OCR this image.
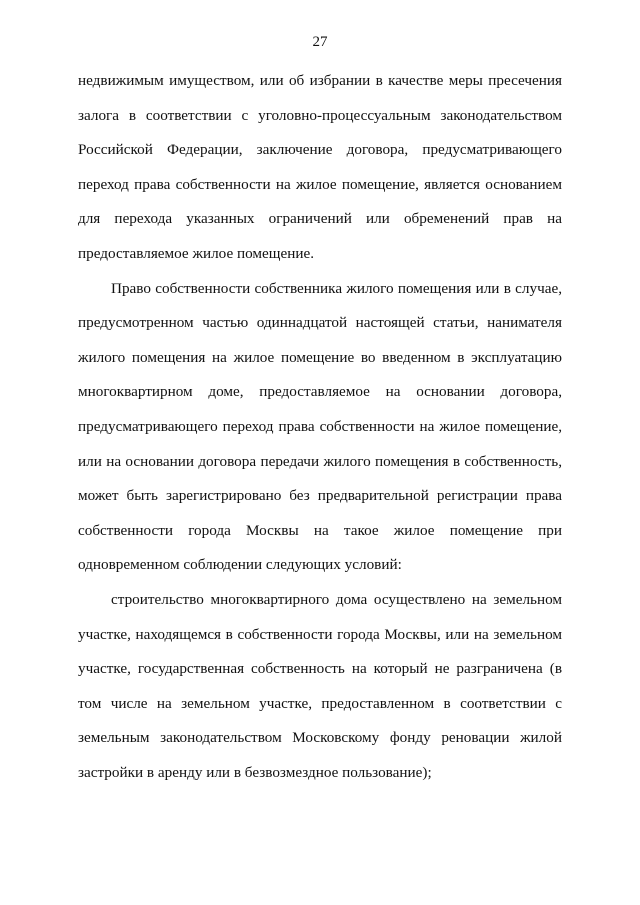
27

недвижимым имуществом, или об избрании в качестве меры пресечения залога в соответствии с уголовно-процессуальным законодательством Российской Федерации, заключение договора, предусматривающего переход права собственности на жилое помещение, является основанием для перехода указанных ограничений или обременений прав на предоставляемое жилое помещение.

Право собственности собственника жилого помещения или в случае, предусмотренном частью одиннадцатой настоящей статьи, нанимателя жилого помещения на жилое помещение во введенном в эксплуатацию многоквартирном доме, предоставляемое на основании договора, предусматривающего переход права собственности на жилое помещение, или на основании договора передачи жилого помещения в собственность, может быть зарегистрировано без предварительной регистрации права собственности города Москвы на такое жилое помещение при одновременном соблюдении следующих условий:

строительство многоквартирного дома осуществлено на земельном участке, находящемся в собственности города Москвы, или на земельном участке, государственная собственность на который не разграничена (в том числе на земельном участке, предоставленном в соответствии с земельным законодательством Московскому фонду реновации жилой застройки в аренду или в безвозмездное пользование);
